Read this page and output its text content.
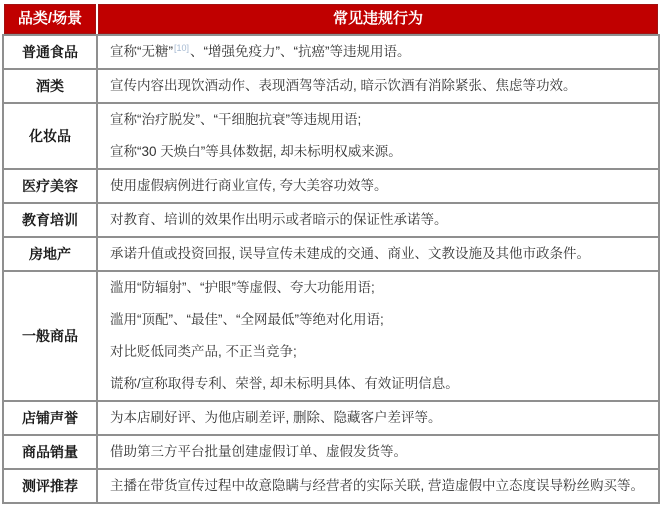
品类/场景	常见违规行为
普通食品	宣称“无糖”[10]、“增强免疫力”、“抗癌”等违规用语。

酒类	宣传内容出现饮酒动作、表现酒驾等活动, 暗示饮酒有消除紧张、焦虑等功效。

化妆品	宣称“治疗脱发”、“干细胞抗衰”等违规用语;

宣称“30 天焕白”等具体数据, 却未标明权威来源。

医疗美容	使用虚假病例进行商业宣传, 夸大美容功效等。

教育培训	对教育、培训的效果作出明示或者暗示的保证性承诺等。

房地产	承诺升值或投资回报, 误导宣传未建成的交通、商业、文教设施及其他市政条件。

一般商品	滥用“防辐射”、“护眼”等虚假、夸大功能用语;

滥用“顶配”、“最佳”、“全网最低”等绝对化用语;

对比贬低同类产品, 不正当竞争;

谎称/宣称取得专利、荣誉, 却未标明具体、有效证明信息。

店铺声誉	为本店刷好评、为他店刷差评, 删除、隐藏客户差评等。

商品销量	借助第三方平台批量创建虚假订单、虚假发货等。

测评推荐	主播在带货宣传过程中故意隐瞒与经营者的实际关联, 营造虚假中立态度误导粉丝购买等。
